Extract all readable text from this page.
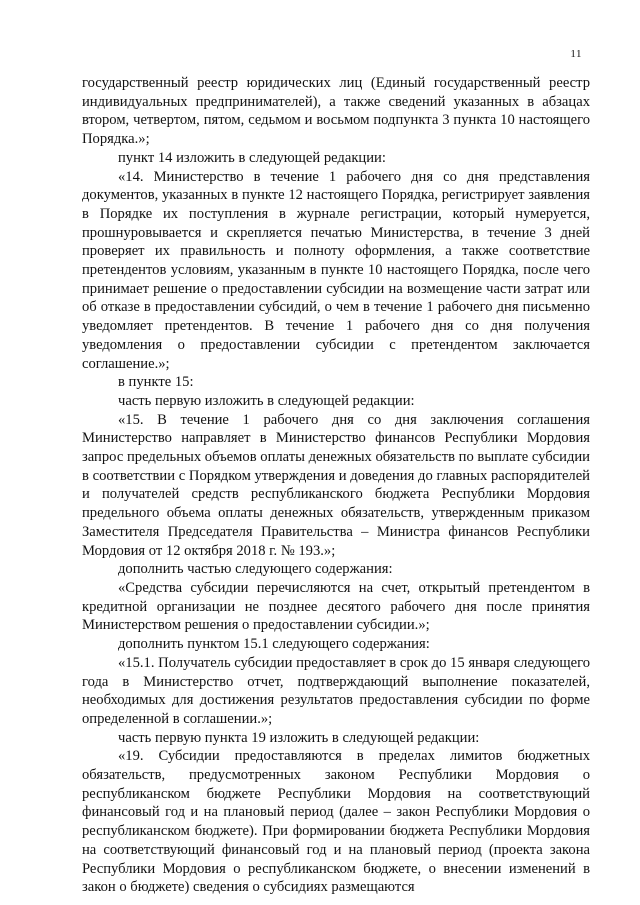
11

государственный реестр юридических лиц (Единый государственный реестр индивидуальных предпринимателей), а также сведений указанных в абзацах втором, четвертом, пятом, седьмом и восьмом подпункта 3 пункта 10 настоящего Порядка.»;

пункт 14 изложить в следующей редакции:

«14. Министерство в течение 1 рабочего дня со дня представления документов, указанных в пункте 12 настоящего Порядка, регистрирует заявления в Порядке их поступления в журнале регистрации, который нумеруется, прошнуровывается и скрепляется печатью Министерства, в течение 3 дней проверяет их правильность и полноту оформления, а также соответствие претендентов условиям, указанным в пункте 10 настоящего Порядка, после чего принимает решение о предоставлении субсидии на возмещение части затрат или об отказе в предоставлении субсидий, о чем в течение 1 рабочего дня письменно уведомляет претендентов. В течение 1 рабочего дня со дня получения уведомления о предоставлении субсидии с претендентом заключается соглашение.»;

в пункте 15:

часть первую изложить в следующей редакции:

«15. В течение 1 рабочего дня со дня заключения соглашения Министерство направляет в Министерство финансов Республики Мордовия запрос предельных объемов оплаты денежных обязательств по выплате субсидии в соответствии с Порядком утверждения и доведения до главных распорядителей и получателей средств республиканского бюджета Республики Мордовия предельного объема оплаты денежных обязательств, утвержденным приказом Заместителя Председателя Правительства – Министра финансов Республики Мордовия от 12 октября 2018 г. № 193.»;

дополнить частью следующего содержания:

«Средства субсидии перечисляются на счет, открытый претендентом в кредитной организации не позднее десятого рабочего дня после принятия Министерством решения о предоставлении субсидии.»;

дополнить пунктом 15.1 следующего содержания:

«15.1. Получатель субсидии предоставляет в срок до 15 января следующего года в Министерство отчет, подтверждающий выполнение показателей, необходимых для достижения результатов предоставления субсидии по форме определенной в соглашении.»;

часть первую пункта 19 изложить в следующей редакции:

«19. Субсидии предоставляются в пределах лимитов бюджетных обязательств, предусмотренных законом Республики Мордовия о республиканском бюджете Республики Мордовия на соответствующий финансовый год и на плановый период (далее – закон Республики Мордовия о республиканском бюджете). При формировании бюджета Республики Мордовия на соответствующий финансовый год и на плановый период (проекта закона Республики Мордовия о республиканском бюджете, о внесении изменений в закон о бюджете) сведения о субсидиях размещаются
